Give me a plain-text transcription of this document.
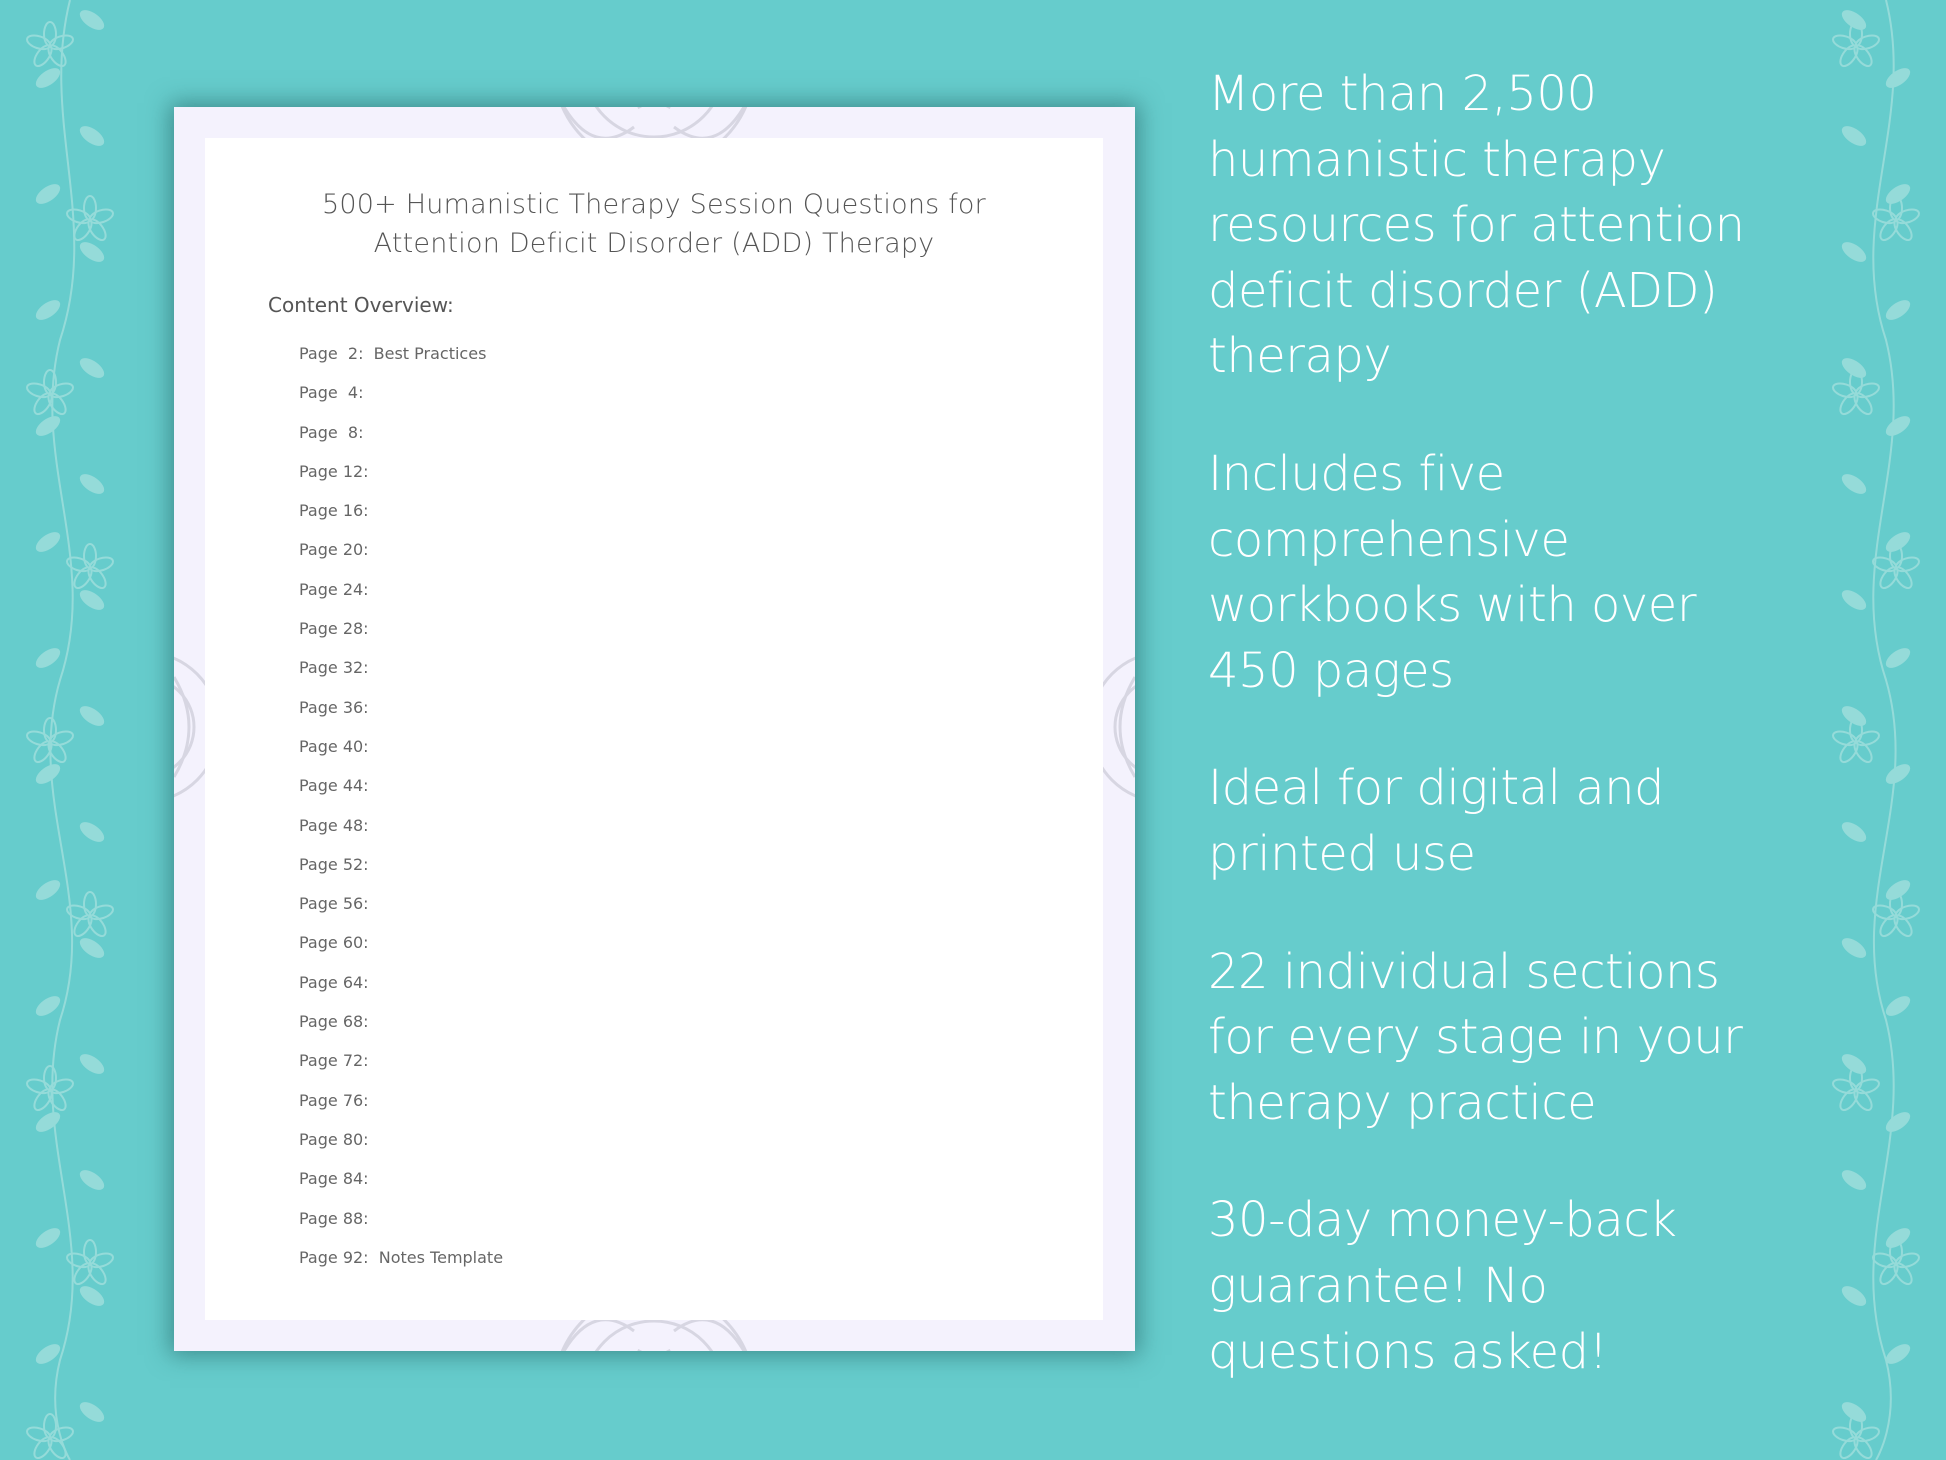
500+ Humanistic Therapy Session Questions for
Attention Deficit Disorder (ADD) Therapy
Content Overview:
Page  2:  Best Practices
Page  4:
Page  8:
Page 12:
Page 16:
Page 20:
Page 24:
Page 28:
Page 32:
Page 36:
Page 40:
Page 44:
Page 48:
Page 52:
Page 56:
Page 60:
Page 64:
Page 68:
Page 72:
Page 76:
Page 80:
Page 84:
Page 88:
Page 92:  Notes Template
More than 2,500
humanistic therapy
resources for attention
deficit disorder (ADD)
therapy
Includes five
comprehensive
workbooks with over
450 pages
Ideal for digital and
printed use
22 individual sections
for every stage in your
therapy practice
30-day money-back
guarantee! No
questions asked!
